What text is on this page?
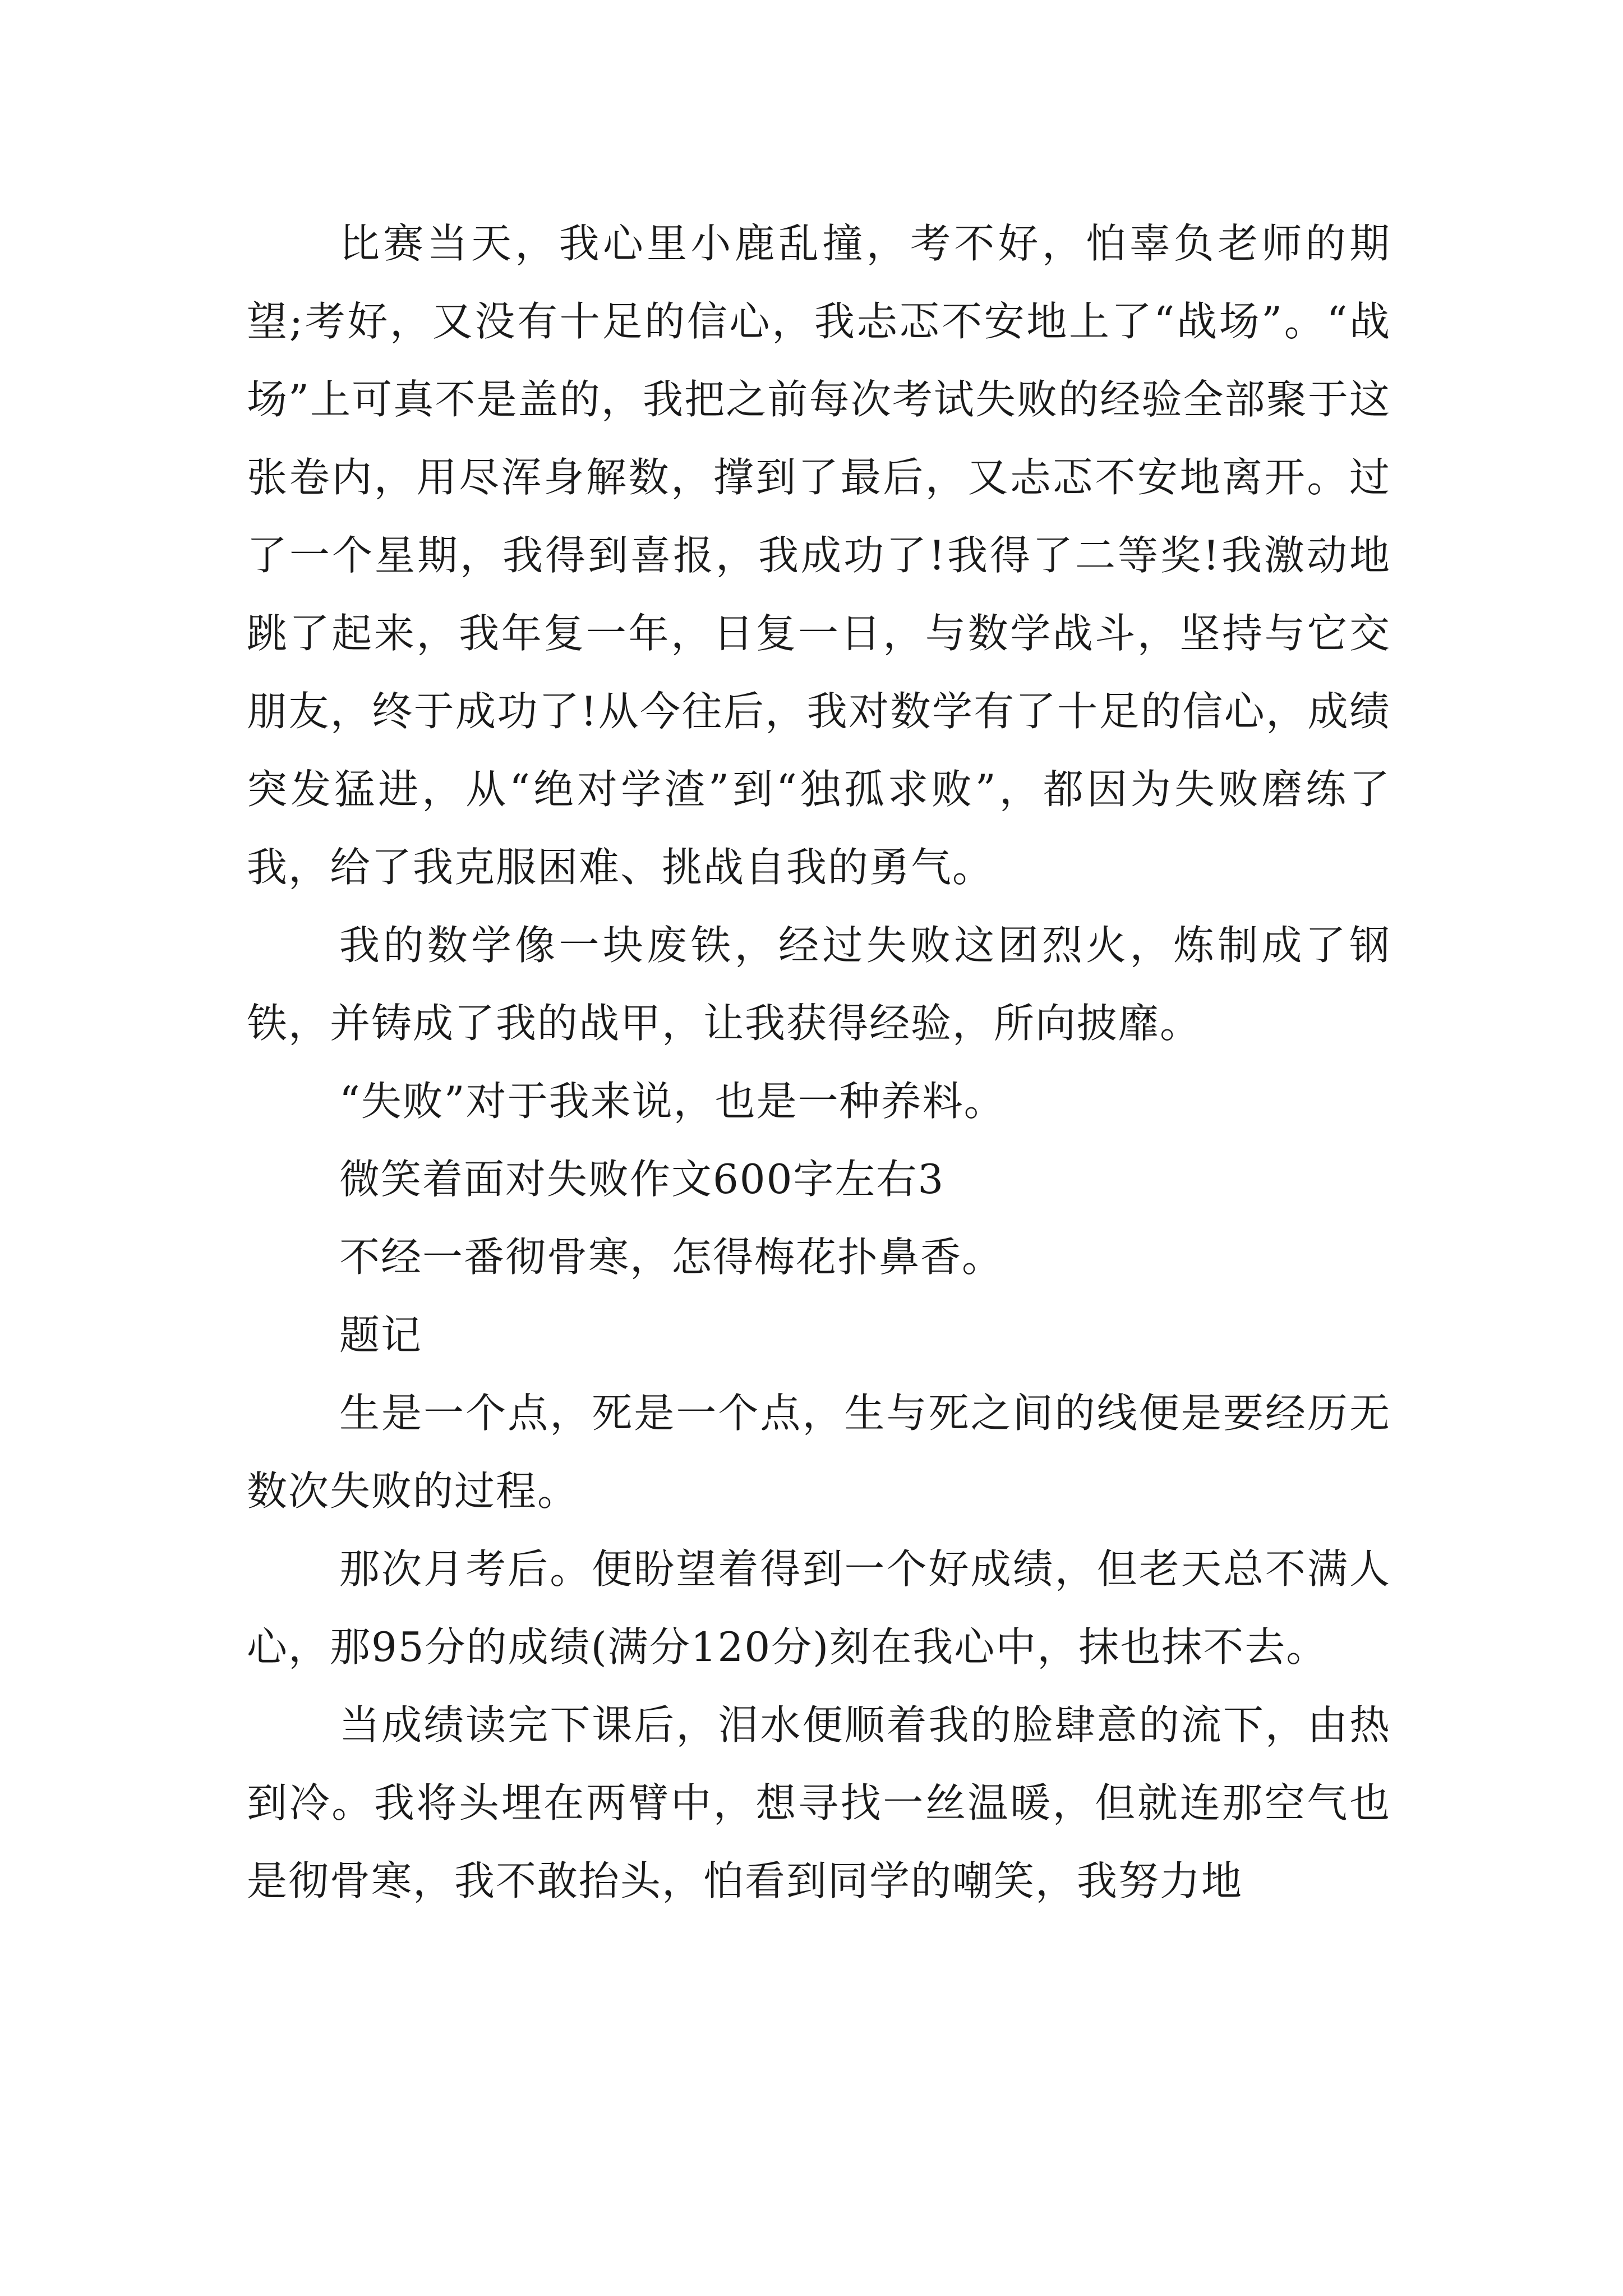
比赛当天，我心里小鹿乱撞，考不好，怕辜负老师的期望;考好，又没有十足的信心，我忐忑不安地上了“战场”。“战场”上可真不是盖的，我把之前每次考试失败的经验全部聚于这张卷内，用尽浑身解数，撑到了最后，又忐忑不安地离开。过了一个星期，我得到喜报，我成功了!我得了二等奖!我激动地跳了起来，我年复一年，日复一日，与数学战斗，坚持与它交朋友，终于成功了!从今往后，我对数学有了十足的信心，成绩突发猛进，从“绝对学渣”到“独孤求败”，都因为失败磨练了我，给了我克服困难、挑战自我的勇气。

我的数学像一块废铁，经过失败这团烈火，炼制成了钢铁，并铸成了我的战甲，让我获得经验，所向披靡。

“失败”对于我来说，也是一种养料。

微笑着面对失败作文600字左右3

不经一番彻骨寒，怎得梅花扑鼻香。

题记

生是一个点，死是一个点，生与死之间的线便是要经历无数次失败的过程。

那次月考后。便盼望着得到一个好成绩，但老天总不满人心，那95分的成绩(满分120分)刻在我心中，抹也抹不去。

当成绩读完下课后，泪水便顺着我的脸肆意的流下，由热到冷。我将头埋在两臂中，想寻找一丝温暖，但就连那空气也是彻骨寒，我不敢抬头，怕看到同学的嘲笑，我努力地
